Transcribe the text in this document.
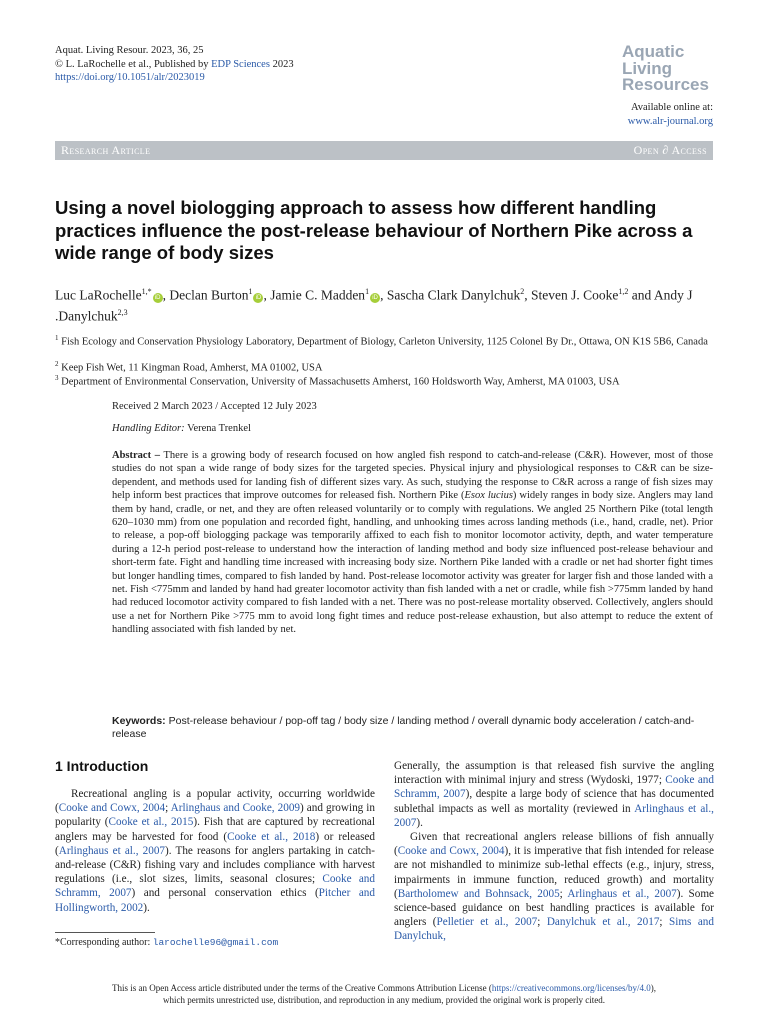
Aquat. Living Resour. 2023, 36, 25
© L. LaRochelle et al., Published by EDP Sciences 2023
https://doi.org/10.1051/alr/2023019
Aquatic
Living
Resources
Available online at:
www.alr-journal.org
Research Article	Open ∂ Access
Using a novel biologging approach to assess how different handling practices influence the post-release behaviour of Northern Pike across a wide range of body sizes
Luc LaRochelle$^{1,*}$iD , Declan Burton$^1$iD , Jamie C. Madden$^1$iD , Sascha Clark Danylchuk$^2$, Steven J. Cooke$^{1,2}$ and Andy J .Danylchuk$^{2,3}$
$^1$ Fish Ecology and Conservation Physiology Laboratory, Department of Biology, Carleton University, 1125 Colonel By Dr., Ottawa, ON K1S 5B6, Canada
$^2$ Keep Fish Wet, 11 Kingman Road, Amherst, MA 01002, USA
$^3$ Department of Environmental Conservation, University of Massachusetts Amherst, 160 Holdsworth Way, Amherst, MA 01003, USA
Received 2 March 2023 / Accepted 12 July 2023
Handling Editor: Verena Trenkel
Abstract – There is a growing body of research focused on how angled fish respond to catch-and-release (C&R). However, most of those studies do not span a wide range of body sizes for the targeted species. Physical injury and physiological responses to C&R can be size-dependent, and methods used for landing fish of different sizes vary. As such, studying the response to C&R across a range of fish sizes may help inform best practices that improve outcomes for released fish. Northern Pike (Esox lucius) widely ranges in body size. Anglers may land them by hand, cradle, or net, and they are often released voluntarily or to comply with regulations. We angled 25 Northern Pike (total length 620–1030 mm) from one population and recorded fight, handling, and unhooking times across landing methods (i.e., hand, cradle, net). Prior to release, a pop-off biologging package was temporarily affixed to each fish to monitor locomotor activity, depth, and water temperature during a 12-h period post-release to understand how the interaction of landing method and body size influenced post-release behaviour and short-term fate. Fight and handling time increased with increasing body size. Northern Pike landed with a cradle or net had shorter fight times but longer handling times, compared to fish landed by hand. Post-release locomotor activity was greater for larger fish and those landed with a net. Fish <775mm and landed by hand had greater locomotor activity than fish landed with a net or cradle, while fish >775mm landed by hand had reduced locomotor activity compared to fish landed with a net. There was no post-release mortality observed. Collectively, anglers should use a net for Northern Pike >775 mm to avoid long fight times and reduce post-release exhaustion, but also attempt to reduce the extent of handling associated with fish landed by net.
Keywords: Post-release behaviour / pop-off tag / body size / landing method / overall dynamic body acceleration / catch-and-release
1 Introduction

Recreational angling is a popular activity, occurring worldwide (Cooke and Cowx, 2004; Arlinghaus and Cooke, 2009) and growing in popularity (Cooke et al., 2015). Fish that are captured by recreational anglers may be harvested for food (Cooke et al., 2018) or released (Arlinghaus et al., 2007). The reasons for anglers partaking in catch-and-release (C&R) fishing vary and includes compliance with harvest regulations (i.e., slot sizes, limits, seasonal closures; Cooke and Schramm, 2007) and personal conservation ethics (Pitcher and Hollingworth, 2002).

Generally, the assumption is that released fish survive the angling interaction with minimal injury and stress (Wydoski, 1977; Cooke and Schramm, 2007), despite a large body of science that has documented sublethal impacts as well as mortality (reviewed in Arlinghaus et al., 2007).

Given that recreational anglers release billions of fish annually (Cooke and Cowx, 2004), it is imperative that fish intended for release are not mishandled to minimize sub-lethal effects (e.g., injury, stress, impairments in immune function, reduced growth) and mortality (Bartholomew and Bohnsack, 2005; Arlinghaus et al., 2007). Some science-based guidance on best handling practices is available for anglers (Pelletier et al., 2007; Danylchuk et al., 2017; Sims and Danylchuk,

*Corresponding author: larochelle96@gmail.com
This is an Open Access article distributed under the terms of the Creative Commons Attribution License (https://creativecommons.org/licenses/by/4.0),
which permits unrestricted use, distribution, and reproduction in any medium, provided the original work is properly cited.
